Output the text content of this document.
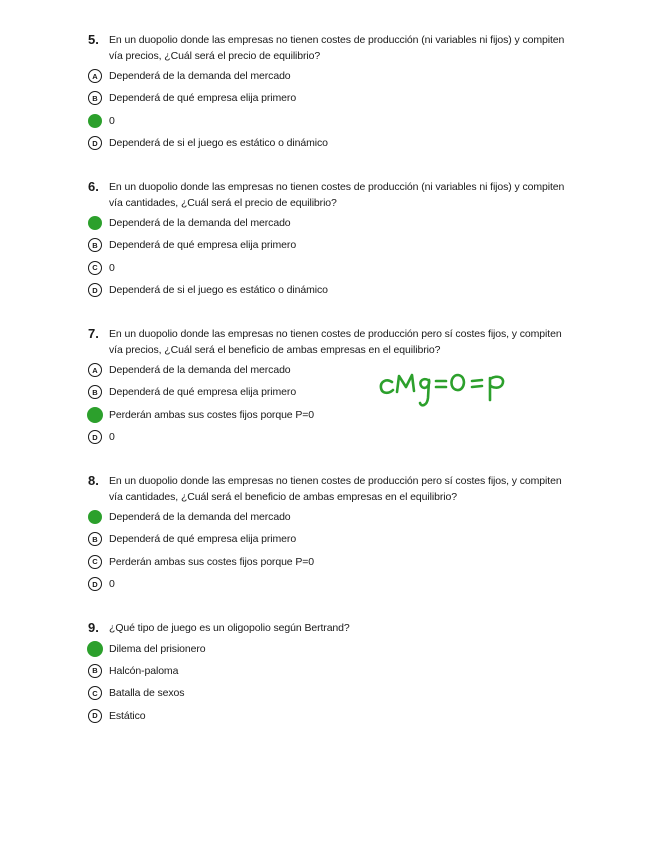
5. En un duopolio donde las empresas no tienen costes de producción (ni variables ni fijos) y compiten vía precios, ¿Cuál será el precio de equilibrio?
A	Dependerá de la demanda del mercado
B	Dependerá de qué empresa elija primero
0
D	Dependerá de si el juego es estático o dinámico
6. En un duopolio donde las empresas no tienen costes de producción (ni variables ni fijos) y compiten vía cantidades, ¿Cuál será el precio de equilibrio?
Dependerá de la demanda del mercado
B	Dependerá de qué empresa elija primero
C	0
D	Dependerá de si el juego es estático o dinámico
7. En un duopolio donde las empresas no tienen costes de producción pero sí costes fijos, y compiten vía precios, ¿Cuál será el beneficio de ambas empresas en el equilibrio?
A	Dependerá de la demanda del mercado
B	Dependerá de qué empresa elija primero
Perderán ambas sus costes fijos porque P=0
D	0
8. En un duopolio donde las empresas no tienen costes de producción pero sí costes fijos, y compiten vía cantidades, ¿Cuál será el beneficio de ambas empresas en el equilibrio?
Dependerá de la demanda del mercado
B	Dependerá de qué empresa elija primero
C	Perderán ambas sus costes fijos porque P=0
D	0
9. ¿Qué tipo de juego es un oligopolio según Bertrand?
Dilema del prisionero
B	Halcón-paloma
C	Batalla de sexos
D	Estático
